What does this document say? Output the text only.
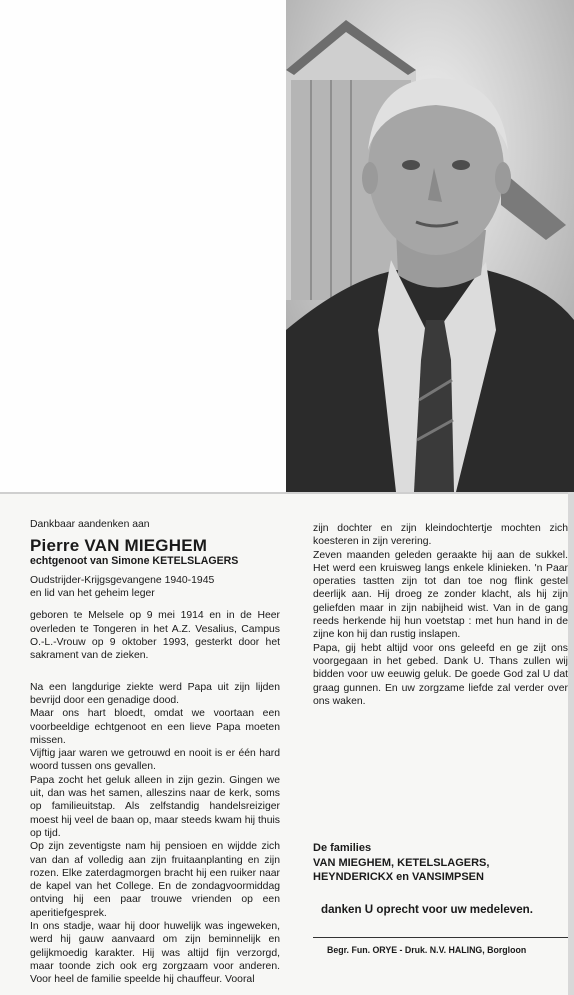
Dankbaar aandenken aan
Pierre VAN MIEGHEM
echtgenoot van Simone KETELSLAGERS
Oudstrijder-Krijgsgevangene 1940-1945
en lid van het geheim leger

geboren te Melsele op 9 mei 1914 en in de Heer overleden te Tongeren in het A.Z. Vesalius, Campus O.-L.-Vrouw op 9 oktober 1993, gesterkt door het sakrament van de zieken.

Na een langdurige ziekte werd Papa uit zijn lijden bevrijd door een genadige dood.

Maar ons hart bloedt, omdat we voortaan een voorbeeldige echtgenoot en een lieve Papa moeten missen.

Vijftig jaar waren we getrouwd en nooit is er één hard woord tussen ons gevallen.

Papa zocht het geluk alleen in zijn gezin. Gingen we uit, dan was het samen, alleszins naar de kerk, soms op familieuitstap. Als zelfstandig handelsreiziger moest hij veel de baan op, maar steeds kwam hij thuis op tijd.

Op zijn zeventigste nam hij pensioen en wijdde zich van dan af volledig aan zijn fruitaanplanting en zijn rozen. Elke zaterdagmorgen bracht hij een ruiker naar de kapel van het College. En de zondagvoormiddag ontving hij een paar trouwe vrienden op een aperitiefgesprek.

In ons stadje, waar hij door huwelijk was ingeweken, werd hij gauw aanvaard om zijn beminnelijk en gelijkmoedig karakter. Hij was altijd fijn verzorgd, maar toonde zich ook erg zorgzaam voor anderen. Voor heel de familie speelde hij chauffeur. Vooral

zijn dochter en zijn kleindochtertje mochten zich koesteren in zijn verering.

Zeven maanden geleden geraakte hij aan de sukkel. Het werd een kruisweg langs enkele klinieken. 'n Paar operaties tastten zijn tot dan toe nog flink gestel deerlijk aan. Hij droeg ze zonder klacht, als hij zijn geliefden maar in zijn nabijheid wist. Van in de gang reeds herkende hij hun voetstap : met hun hand in de zijne kon hij dan rustig inslapen.

Papa, gij hebt altijd voor ons geleefd en ge zijt ons voorgegaan in het gebed. Dank U. Thans zullen wij bidden voor uw eeuwig geluk. De goede God zal U dat graag gunnen. En uw zorgzame liefde zal verder over ons waken.

De families
VAN MIEGHEM, KETELSLAGERS,
HEYNDERICKX en VANSIMPSEN
danken U oprecht voor uw medeleven.
Begr. Fun. ORYE - Druk. N.V. HALING, Borgloon
